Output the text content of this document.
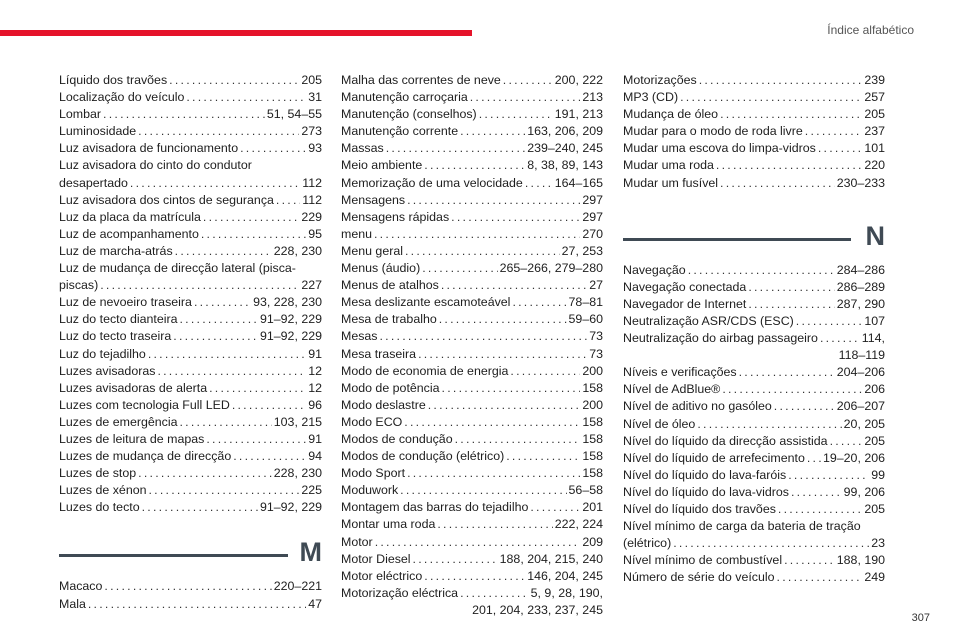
Índice alfabético
Líquido dos travões . . .	205
Localização do veículo . . .	31
Lombar . . .	51, 54–55
Luminosidade . . .	273
Luz avisadora de funcionamento . . .	93
Luz avisadora do cinto do condutor
desapertado . . .	112
Luz avisadora dos cintos de segurança . . . 112
Luz da placa da matrícula . . .	229
Luz de acompanhamento . . .	95
Luz de marcha-atrás . . .	228, 230
Luz de mudança de direcção lateral (pisca-
piscas) . . .	227
Luz de nevoeiro traseira . . .	93, 228, 230
Luz do tecto dianteira . . .	91–92, 229
Luz do tecto traseira . . .	91–92, 229
Luz do tejadilho . . .	91
Luzes avisadoras . . .	12
Luzes avisadoras de alerta . . .	12
Luzes com tecnologia Full LED . . .	96
Luzes de emergência . . .	103, 215
Luzes de leitura de mapas . . .	91
Luzes de mudança de direcção . . .	94
Luzes de stop . . .	228, 230
Luzes de xénon . . .	225
Luzes do tecto . . .	91–92, 229
M
Macaco . . .	220–221
Mala . . .	47
Malha das correntes de neve . . .	200, 222
Manutenção carroçaria . . .	213
Manutenção (conselhos) . . .	191, 213
Manutenção corrente . . .	163, 206, 209
Massas . . .	239–240, 245
Meio ambiente . . .	8, 38, 89, 143
Memorização de uma velocidade . . .	164–165
Mensagens . . .	297
Mensagens rápidas . . .	297
menu . . .	270
Menu geral . . .	27, 253
Menus (áudio) . . .	265–266, 279–280
Menus de atalhos . . .	27
Mesa deslizante escamoteável . . .	78–81
Mesa de trabalho . . .	59–60
Mesas . . .	73
Mesa traseira . . .	73
Modo de economia de energia . . .	200
Modo de potência . . .	158
Modo deslastre . . .	200
Modo ECO . . .	158
Modos de condução . . .	158
Modos de condução (elétrico) . . .	158
Modo Sport . . .	158
Moduwork . . .	56–58
Montagem das barras do tejadilho . . .	201
Montar uma roda . . .	222, 224
Motor . . .	209
Motor Diesel . . .	188, 204, 215, 240
Motor eléctrico . . .	146, 204, 245
Motorização eléctrica . . .	5, 9, 28, 190,
201, 204, 233, 237, 245
Motorizações . . .	239
MP3 (CD) . . .	257
Mudança de óleo . . .	205
Mudar para o modo de roda livre . . .	237
Mudar uma escova do limpa-vidros . . .	101
Mudar uma roda . . .	220
Mudar um fusível . . .	230–233
N
Navegação . . .	284–286
Navegação conectada . . .	286–289
Navegador de Internet . . .	287, 290
Neutralização ASR/CDS (ESC) . . .	107
Neutralização do airbag passageiro . . .	114,
118–119
Níveis e verificações . . .	204–206
Nível de AdBlue® . . .	206
Nível de aditivo no gasóleo . . .	206–207
Nível de óleo . . .	20, 205
Nível do líquido da direcção assistida . . .	205
Nível do líquido de arrefecimento . . . 19–20, 206
Nível do líquido do lava-faróis . . .	99
Nível do líquido do lava-vidros . . .	99, 206
Nível do líquido dos travões . . .	205
Nível mínimo de carga da bateria de tração
(elétrico) . . .	23
Nível mínimo de combustível . . .	188, 190
Número de série do veículo . . .	249
307
